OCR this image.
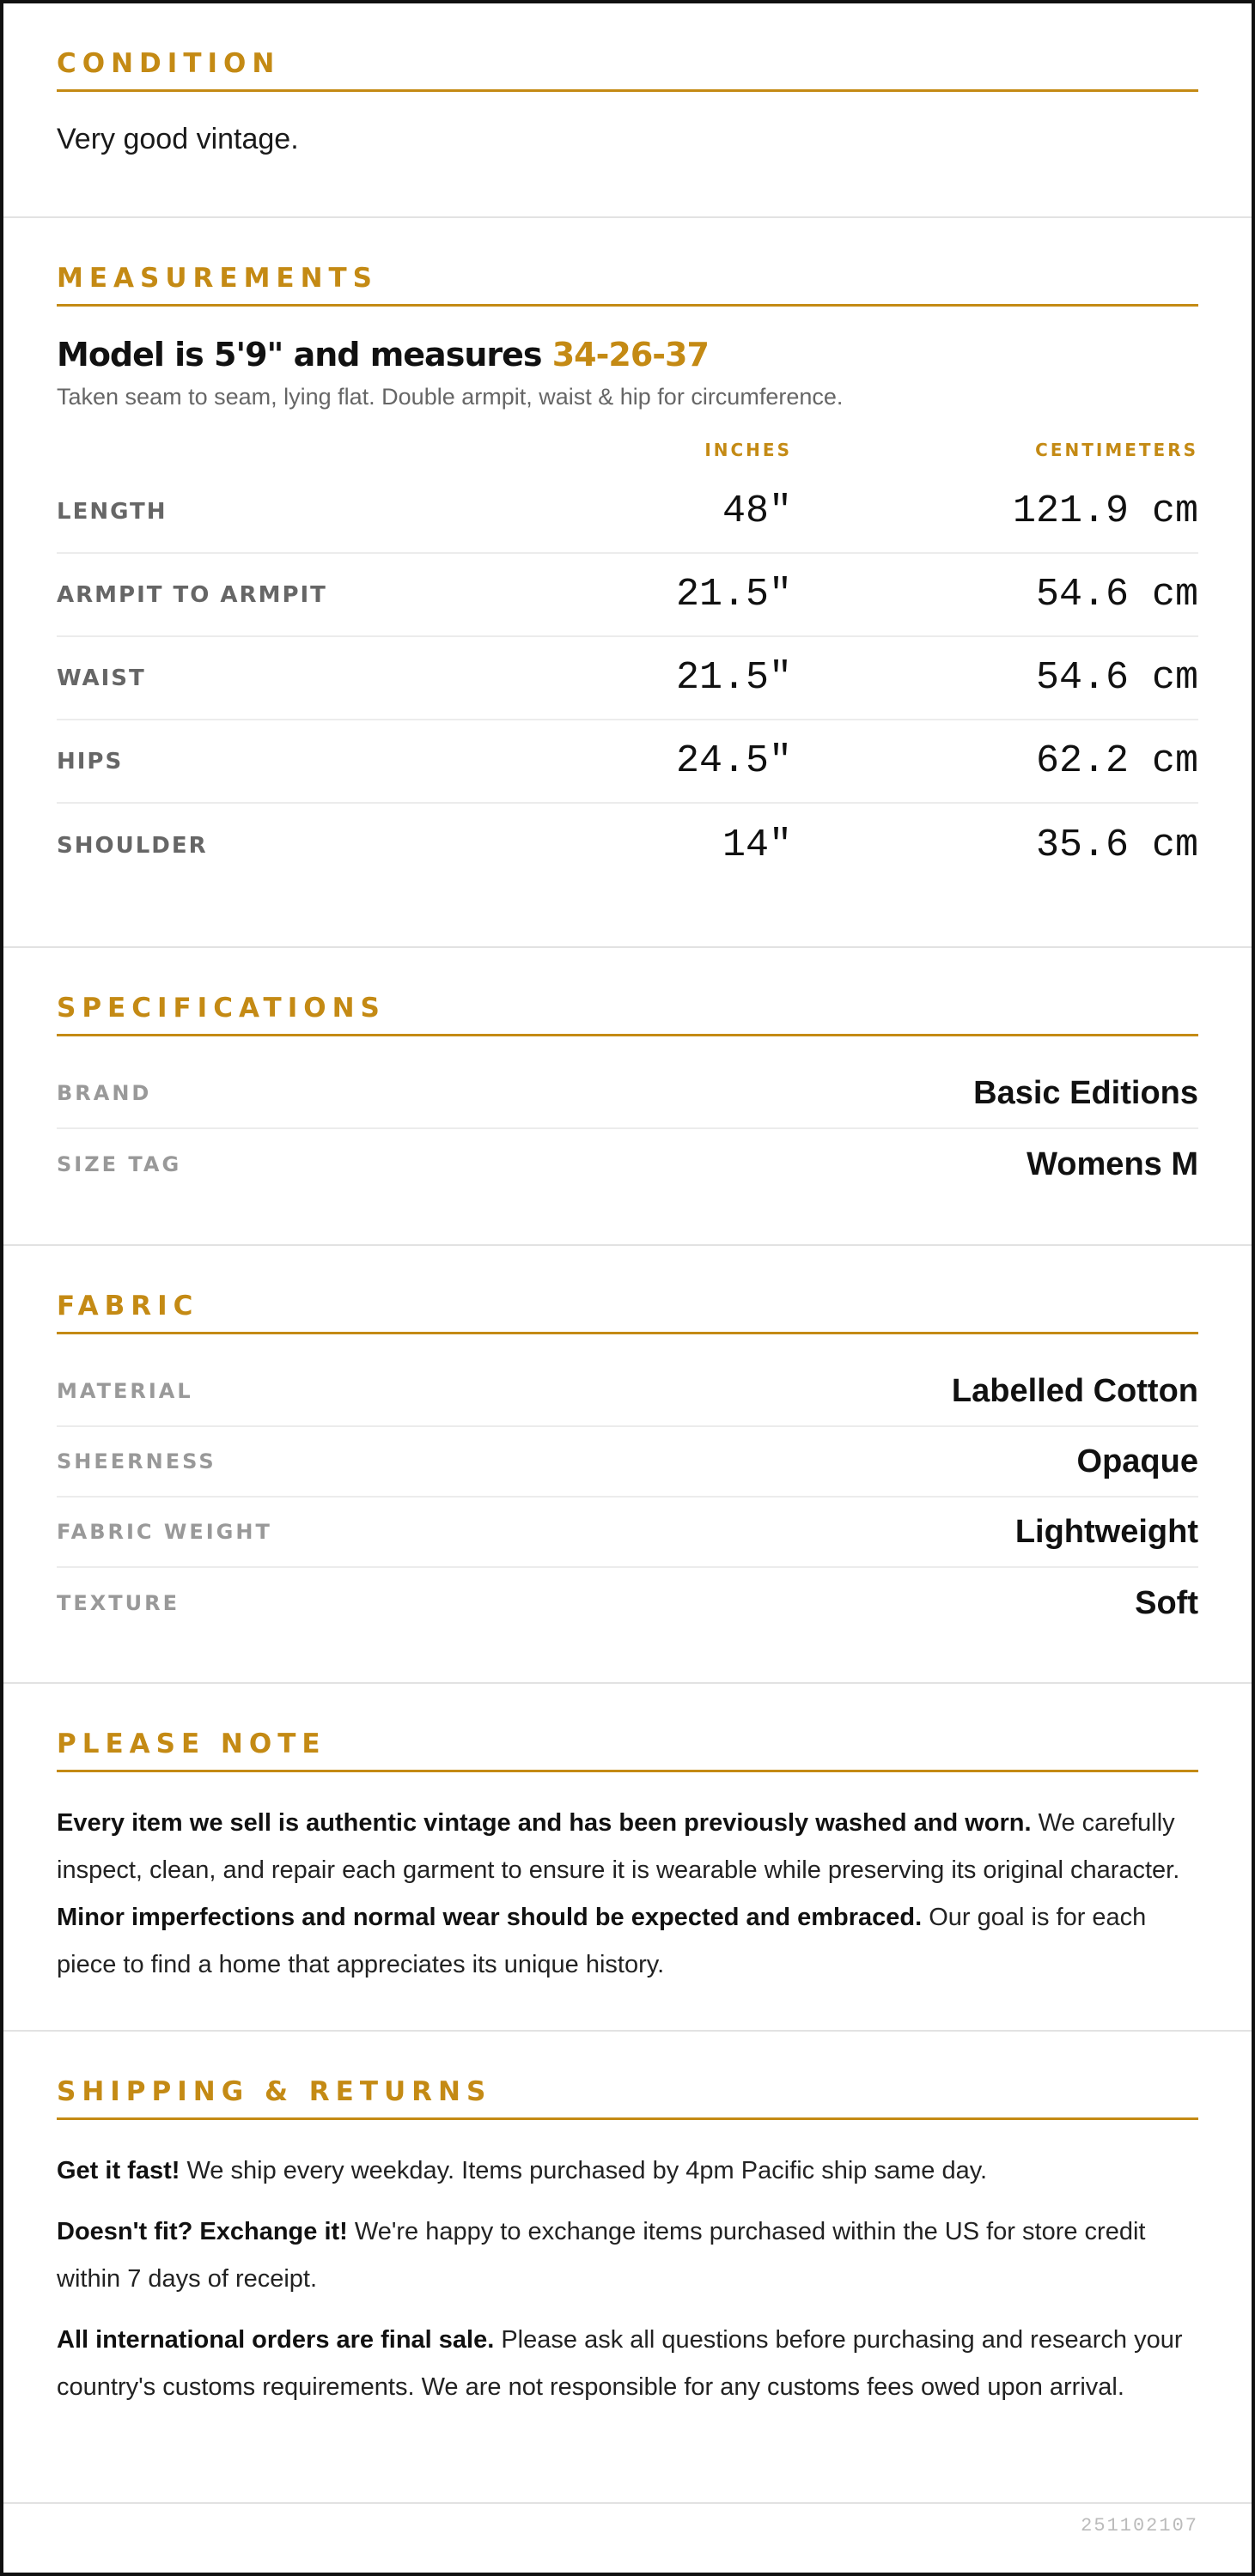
CONDITION
Very good vintage.
MEASUREMENTS
Model is 5'9" and measures 34-26-37
Taken seam to seam, lying flat. Double armpit, waist & hip for circumference.
INCHES	CENTIMETERS
LENGTH	48"	121.9 cm
ARMPIT TO ARMPIT	21.5"	54.6 cm
WAIST	21.5"	54.6 cm
HIPS	24.5"	62.2 cm
SHOULDER	14"	35.6 cm
SPECIFICATIONS
BRAND	Basic Editions
SIZE TAG	Womens M
FABRIC
MATERIAL	Labelled Cotton
SHEERNESS	Opaque
FABRIC WEIGHT	Lightweight
TEXTURE	Soft
PLEASE NOTE

Every item we sell is authentic vintage and has been previously washed and worn. We carefully inspect, clean, and repair each garment to ensure it is wearable while preserving its original character. Minor imperfections and normal wear should be expected and embraced. Our goal is for each piece to find a home that appreciates its unique history.

SHIPPING & RETURNS

Get it fast! We ship every weekday. Items purchased by 4pm Pacific ship same day.

Doesn't fit? Exchange it! We're happy to exchange items purchased within the US for store credit within 7 days of receipt.

All international orders are final sale. Please ask all questions before purchasing and research your country's customs requirements. We are not responsible for any customs fees owed upon arrival.

251102107
